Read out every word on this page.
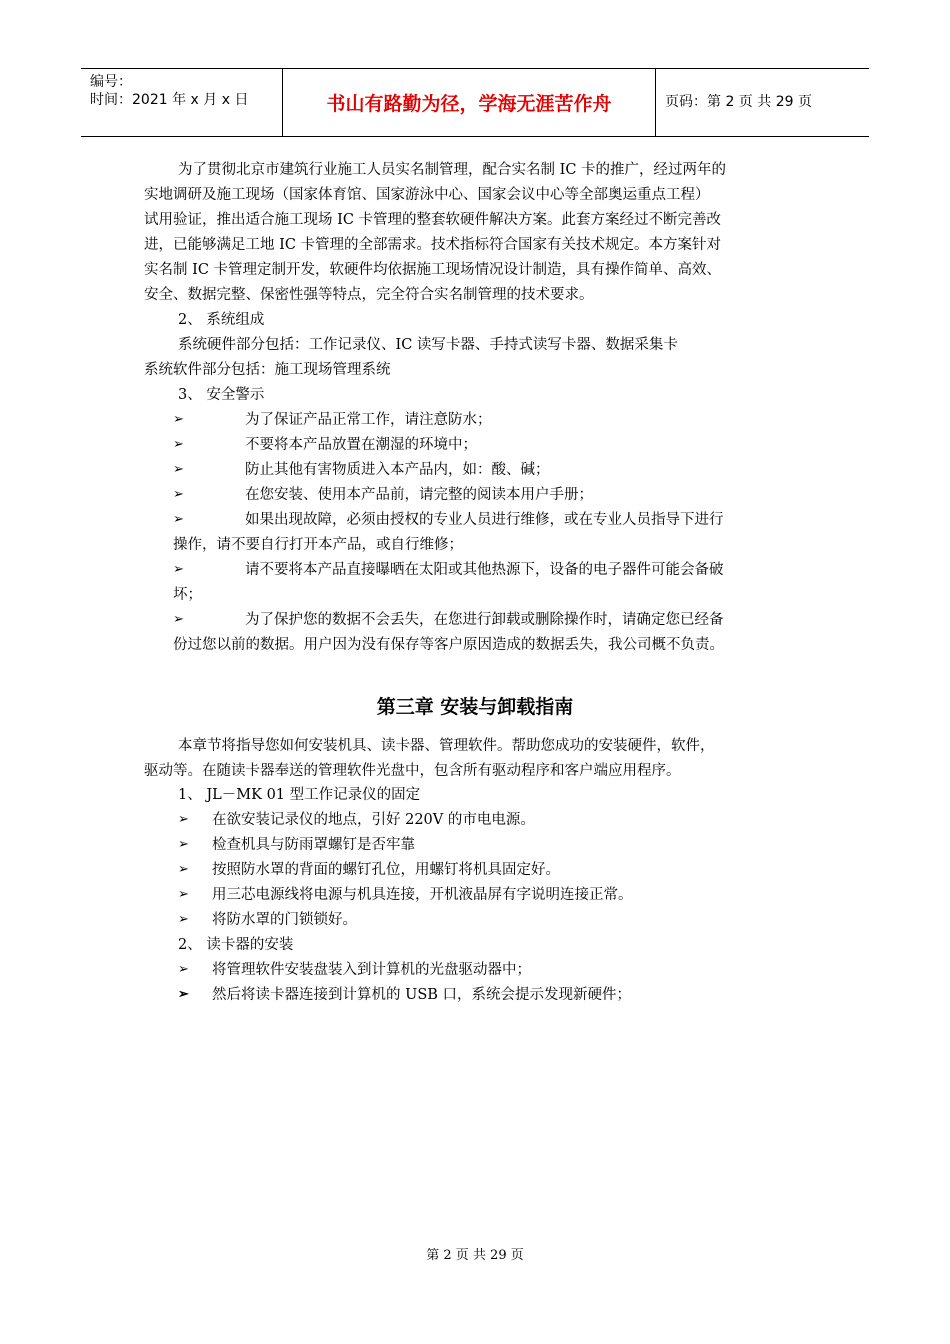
编号：
时间：2021 年 x 月 x 日	书山有路勤为径，学海无涯苦作舟	页码：第 2 页 共 29 页
为了贯彻北京市建筑行业施工人员实名制管理，配合实名制 IC 卡的推广，经过两年的
实地调研及施工现场（国家体育馆、国家游泳中心、国家会议中心等全部奥运重点工程）
试用验证，推出适合施工现场 IC 卡管理的整套软硬件解决方案。此套方案经过不断完善改
进，已能够满足工地 IC 卡管理的全部需求。技术指标符合国家有关技术规定。本方案针对
实名制 IC 卡管理定制开发，软硬件均依据施工现场情况设计制造，具有操作简单、高效、
安全、数据完整、保密性强等特点，完全符合实名制管理的技术要求。
2、 系统组成
系统硬件部分包括：工作记录仪、IC 读写卡器、手持式读写卡器、数据采集卡
系统软件部分包括：施工现场管理系统
3、 安全警示
➢	为了保证产品正常工作，请注意防水；
➢	不要将本产品放置在潮湿的环境中；
➢	防止其他有害物质进入本产品内，如：酸、碱；
➢	在您安装、使用本产品前，请完整的阅读本用户手册；
➢	如果出现故障，必须由授权的专业人员进行维修，或在专业人员指导下进行
操作，请不要自行打开本产品，或自行维修；
➢	请不要将本产品直接曝晒在太阳或其他热源下，设备的电子器件可能会备破
坏；
➢	为了保护您的数据不会丢失，在您进行卸载或删除操作时，请确定您已经备
份过您以前的数据。用户因为没有保存等客户原因造成的数据丢失，我公司概不负责。
第三章 安装与卸载指南
本章节将指导您如何安装机具、读卡器、管理软件。帮助您成功的安装硬件，软件，
驱动等。在随读卡器奉送的管理软件光盘中，包含所有驱动程序和客户端应用程序。
1、 JL－MK 01 型工作记录仪的固定
➢ 在欲安装记录仪的地点，引好 220V 的市电电源。
➢ 检查机具与防雨罩螺钉是否牢靠
➢ 按照防水罩的背面的螺钉孔位，用螺钉将机具固定好。
➢ 用三芯电源线将电源与机具连接，开机液晶屏有字说明连接正常。
➢ 将防水罩的门锁锁好。
2、 读卡器的安装
➢ 将管理软件安装盘装入到计算机的光盘驱动器中；
➢ 然后将读卡器连接到计算机的 USB 口，系统会提示发现新硬件；
第 2 页 共 29 页
